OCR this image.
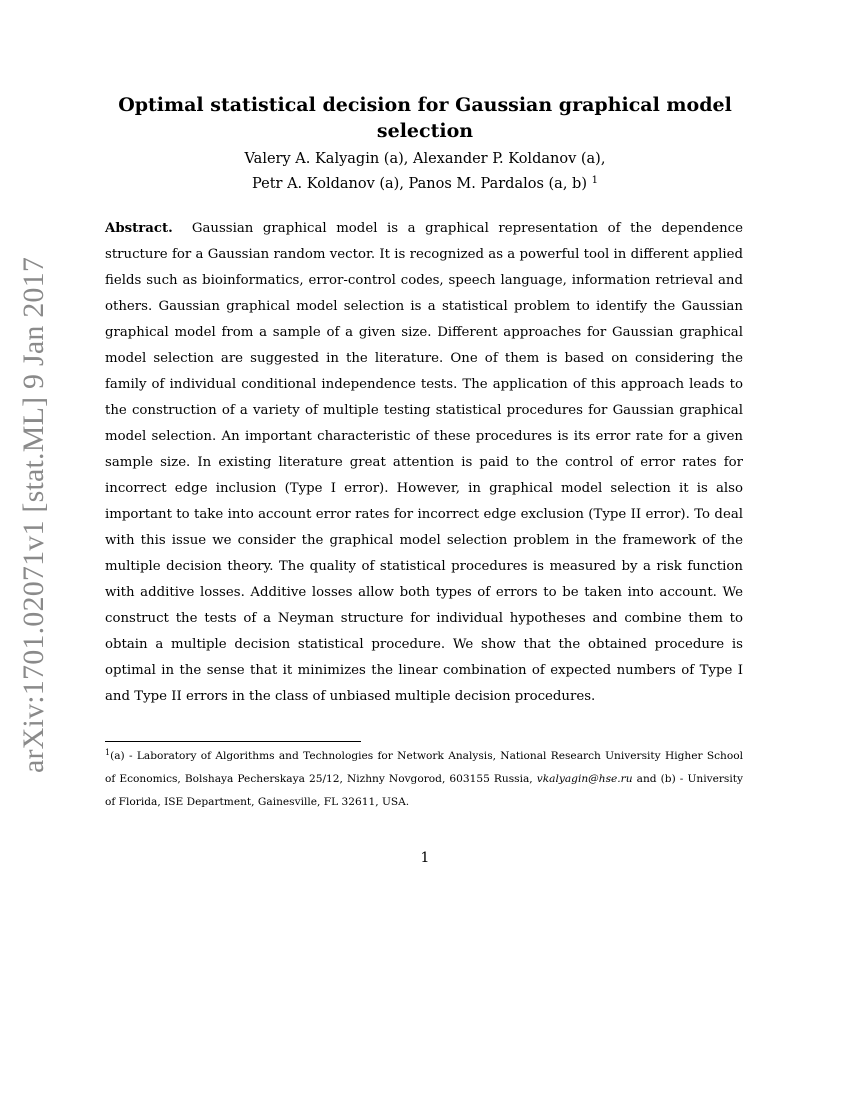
arXiv:1701.02071v1 [stat.ML] 9 Jan 2017
Optimal statistical decision for Gaussian graphical model selection
Valery A. Kalyagin (a), Alexander P. Koldanov (a),
Petr A. Koldanov (a), Panos M. Pardalos (a, b) $^1$

Abstract. Gaussian graphical model is a graphical representation of the dependence structure for a Gaussian random vector. It is recognized as a powerful tool in different applied fields such as bioinformatics, error-control codes, speech language, information retrieval and others. Gaussian graphical model selection is a statistical problem to identify the Gaussian graphical model from a sample of a given size. Different approaches for Gaussian graphical model selection are suggested in the literature. One of them is based on considering the family of individual conditional independence tests. The application of this approach leads to the construction of a variety of multiple testing statistical procedures for Gaussian graphical model selection. An important characteristic of these procedures is its error rate for a given sample size. In existing literature great attention is paid to the control of error rates for incorrect edge inclusion (Type I error). However, in graphical model selection it is also important to take into account error rates for incorrect edge exclusion (Type II error). To deal with this issue we consider the graphical model selection problem in the framework of the multiple decision theory. The quality of statistical procedures is measured by a risk function with additive losses. Additive losses allow both types of errors to be taken into account. We construct the tests of a Neyman structure for individual hypotheses and combine them to obtain a multiple decision statistical procedure. We show that the obtained procedure is optimal in the sense that it minimizes the linear combination of expected numbers of Type I and Type II errors in the class of unbiased multiple decision procedures.

$^1$(a) - Laboratory of Algorithms and Technologies for Network Analysis, National Research University Higher School of Economics, Bolshaya Pecherskaya 25/12, Nizhny Novgorod, 603155 Russia, vkalyagin@hse.ru and (b) - University of Florida, ISE Department, Gainesville, FL 32611, USA.

1
